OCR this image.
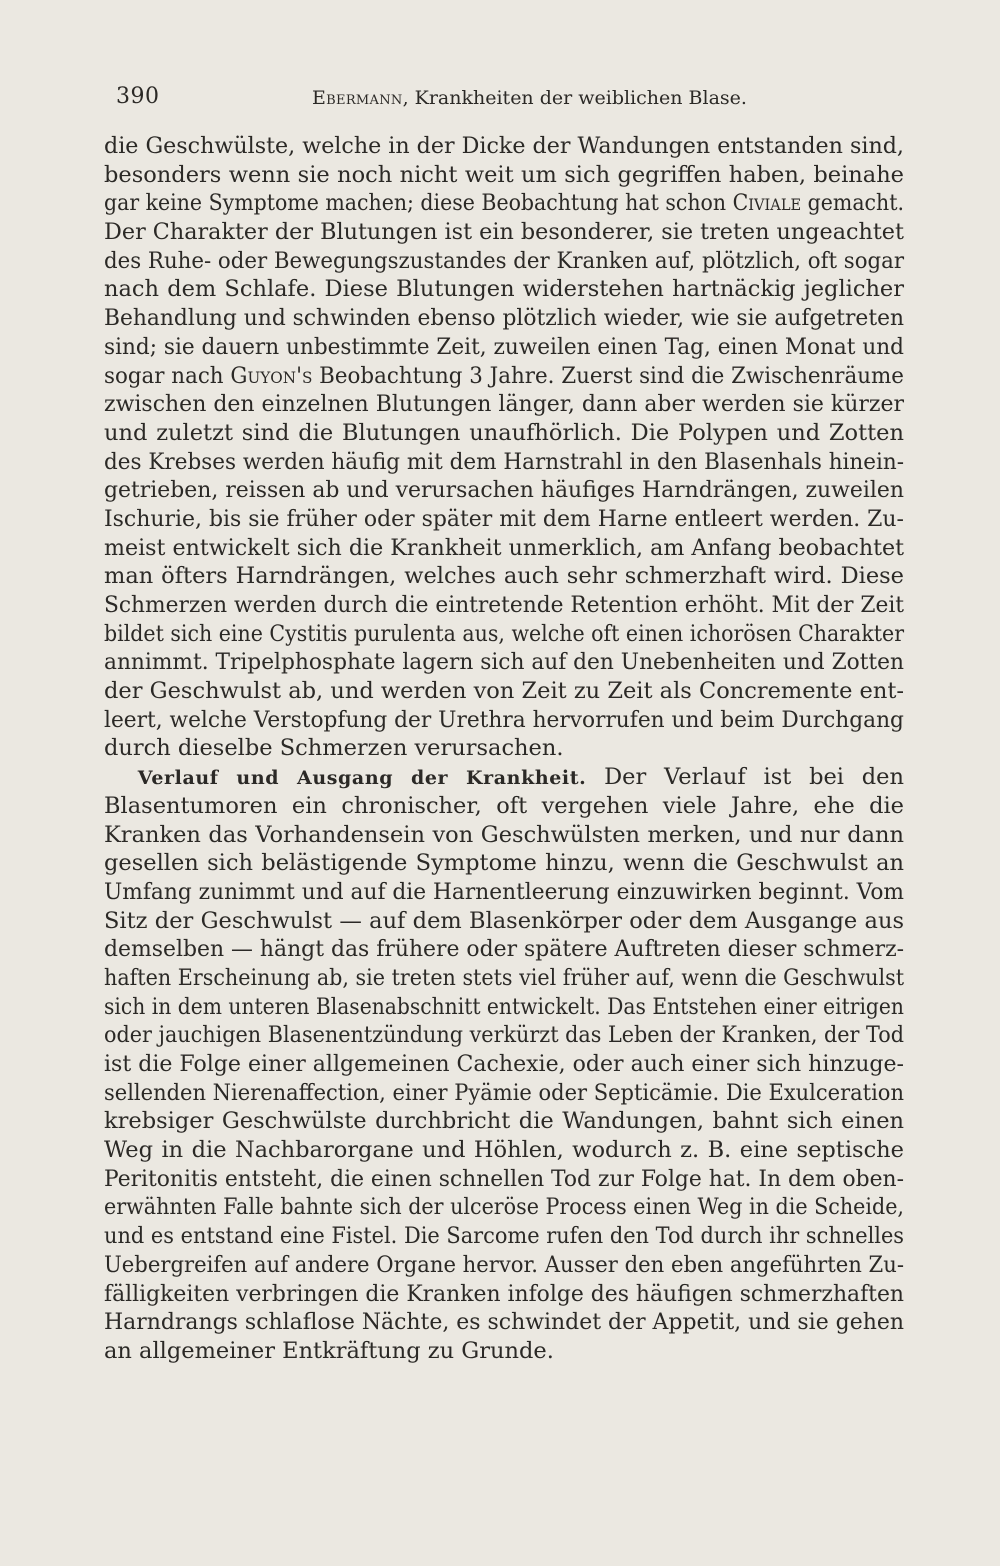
390	Ebermann, Krankheiten der weiblichen Blase.
die Geschwülste, welche in der Dicke der Wandungen entstanden sind,
besonders wenn sie noch nicht weit um sich gegriffen haben, beinahe
gar keine Symptome machen; diese Beobachtung hat schon Civiale gemacht.
Der Charakter der Blutungen ist ein besonderer, sie treten ungeachtet
des Ruhe- oder Bewegungszustandes der Kranken auf, plötzlich, oft sogar
nach dem Schlafe. Diese Blutungen widerstehen hartnäckig jeglicher
Behandlung und schwinden ebenso plötzlich wieder, wie sie aufgetreten
sind; sie dauern unbestimmte Zeit, zuweilen einen Tag, einen Monat und
sogar nach Guyon's Beobachtung 3 Jahre. Zuerst sind die Zwischenräume
zwischen den einzelnen Blutungen länger, dann aber werden sie kürzer
und zuletzt sind die Blutungen unaufhörlich. Die Polypen und Zotten
des Krebses werden häufig mit dem Harnstrahl in den Blasenhals hinein-
getrieben, reissen ab und verursachen häufiges Harndrängen, zuweilen
Ischurie, bis sie früher oder später mit dem Harne entleert werden. Zu-
meist entwickelt sich die Krankheit unmerklich, am Anfang beobachtet
man öfters Harndrängen, welches auch sehr schmerzhaft wird. Diese
Schmerzen werden durch die eintretende Retention erhöht. Mit der Zeit
bildet sich eine Cystitis purulenta aus, welche oft einen ichorösen Charakter
annimmt. Tripelphosphate lagern sich auf den Unebenheiten und Zotten
der Geschwulst ab, und werden von Zeit zu Zeit als Concremente ent-
leert, welche Verstopfung der Urethra hervorrufen und beim Durchgang
durch dieselbe Schmerzen verursachen.
  Verlauf und Ausgang der Krankheit. Der Verlauf ist bei den
Blasentumoren ein chronischer, oft vergehen viele Jahre, ehe die
Kranken das Vorhandensein von Geschwülsten merken, und nur dann
gesellen sich belästigende Symptome hinzu, wenn die Geschwulst an
Umfang zunimmt und auf die Harnentleerung einzuwirken beginnt. Vom
Sitz der Geschwulst — auf dem Blasenkörper oder dem Ausgange aus
demselben — hängt das frühere oder spätere Auftreten dieser schmerz-
haften Erscheinung ab, sie treten stets viel früher auf, wenn die Geschwulst
sich in dem unteren Blasenabschnitt entwickelt. Das Entstehen einer eitrigen
oder jauchigen Blasenentzündung verkürzt das Leben der Kranken, der Tod
ist die Folge einer allgemeinen Cachexie, oder auch einer sich hinzuge-
sellenden Nierenaffection, einer Pyämie oder Septicämie. Die Exulceration
krebsiger Geschwülste durchbricht die Wandungen, bahnt sich einen
Weg in die Nachbarorgane und Höhlen, wodurch z. B. eine septische
Peritonitis entsteht, die einen schnellen Tod zur Folge hat. In dem oben-
erwähnten Falle bahnte sich der ulceröse Process einen Weg in die Scheide,
und es entstand eine Fistel. Die Sarcome rufen den Tod durch ihr schnelles
Uebergreifen auf andere Organe hervor. Ausser den eben angeführten Zu-
fälligkeiten verbringen die Kranken infolge des häufigen schmerzhaften
Harndrangs schlaflose Nächte, es schwindet der Appetit, und sie gehen
an allgemeiner Entkräftung zu Grunde.
